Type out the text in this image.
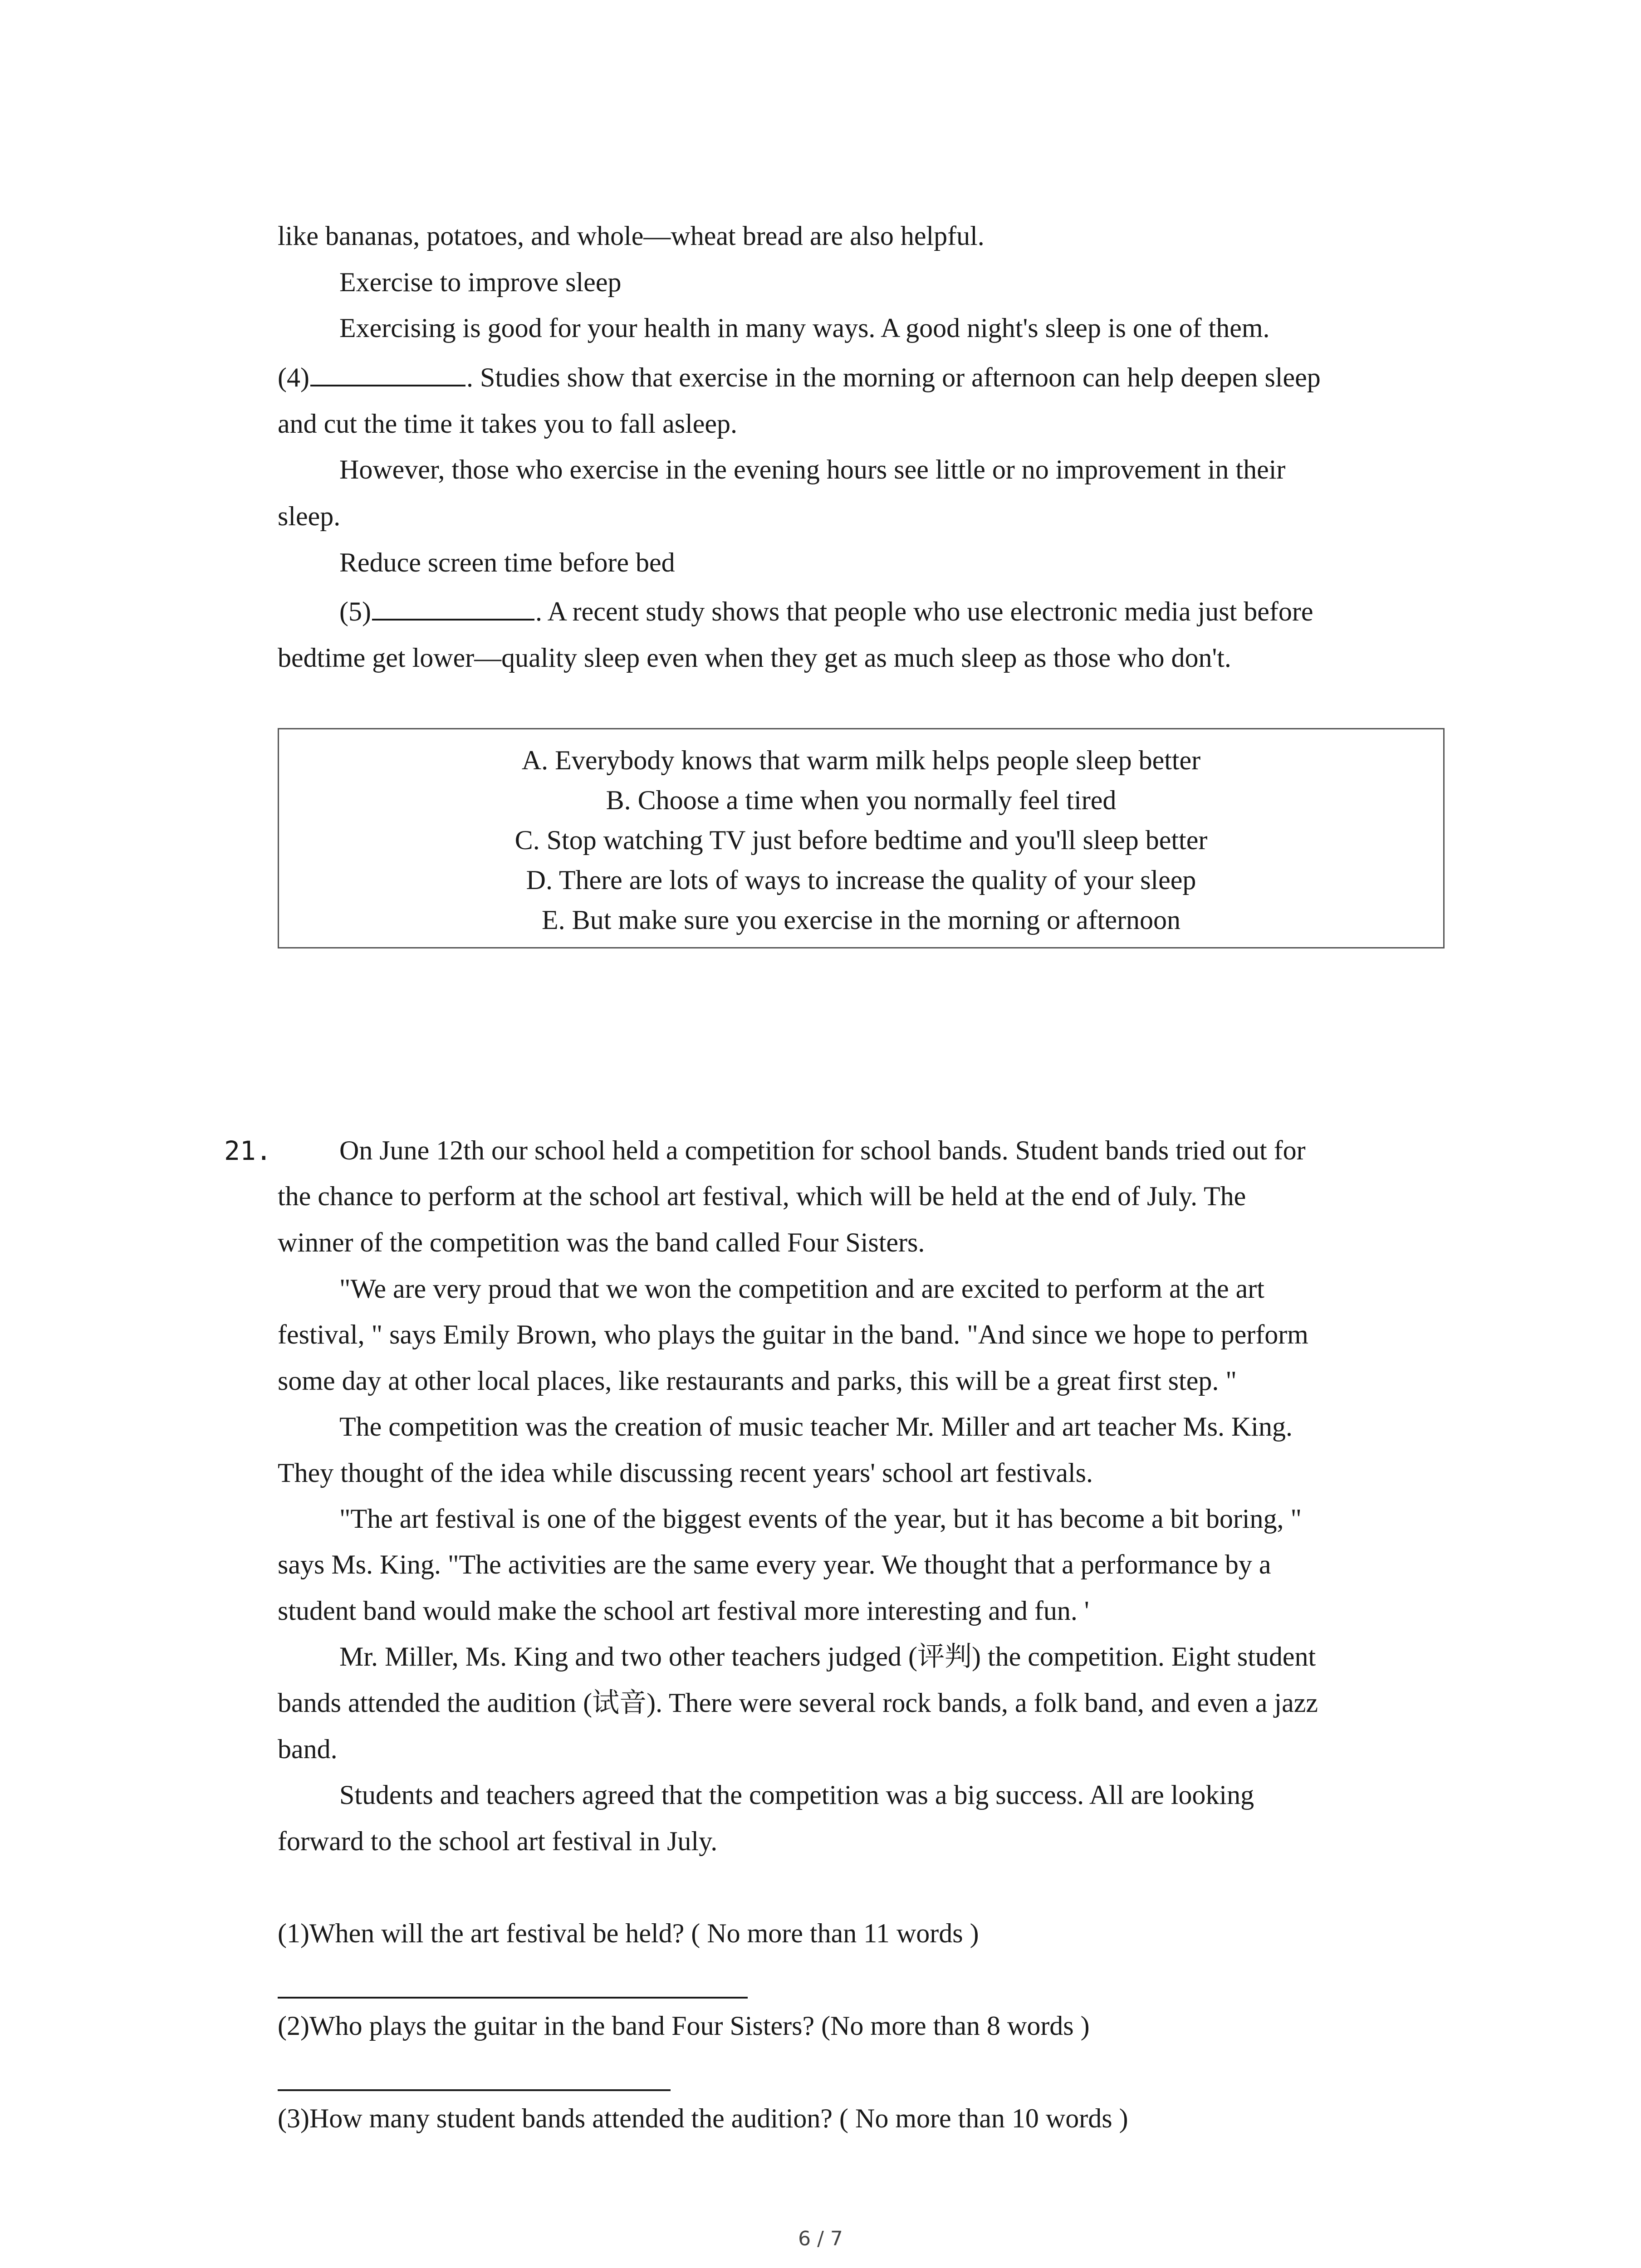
like bananas, potatoes, and whole—wheat bread are also helpful.
Exercise to improve sleep
Exercising is good for your health in many ways. A good night's sleep is one of them.
(4)	. Studies show that exercise in the morning or afternoon can help deepen sleep
and cut the time it takes you to fall asleep.
However, those who exercise in the evening hours see little or no improvement in their
sleep.
Reduce screen time before bed
(5)	. A recent study shows that people who use electronic media just before
bedtime get lower—quality sleep even when they get as much sleep as those who don't.
A. Everybody knows that warm milk helps people sleep better
B. Choose a time when you normally feel tired
C. Stop watching TV just before bedtime and you'll sleep better
D. There are lots of ways to increase the quality of your sleep
E. But make sure you exercise in the morning or afternoon
21. On June 12th our school held a competition for school bands. Student bands tried out for
the chance to perform at the school art festival, which will be held at the end of July. The
winner of the competition was the band called Four Sisters.
"We are very proud that we won the competition and are excited to perform at the art
festival, " says Emily Brown, who plays the guitar in the band. "And since we hope to perform
some day at other local places, like restaurants and parks, this will be a great first step. "
The competition was the creation of music teacher Mr. Miller and art teacher Ms. King.
They thought of the idea while discussing recent years' school art festivals.
"The art festival is one of the biggest events of the year, but it has become a bit boring, "
says Ms. King. "The activities are the same every year. We thought that a performance by a
student band would make the school art festival more interesting and fun. '
Mr. Miller, Ms. King and two other teachers judged (评判) the competition. Eight student
bands attended the audition (试音). There were several rock bands, a folk band, and even a jazz
band.
Students and teachers agreed that the competition was a big success. All are looking
forward to the school art festival in July.
(1)When will the art festival be held? ( No more than 11 words )
(2)Who plays the guitar in the band Four Sisters? (No more than 8 words )
(3)How many student bands attended the audition? ( No more than 10 words )
6 / 7
